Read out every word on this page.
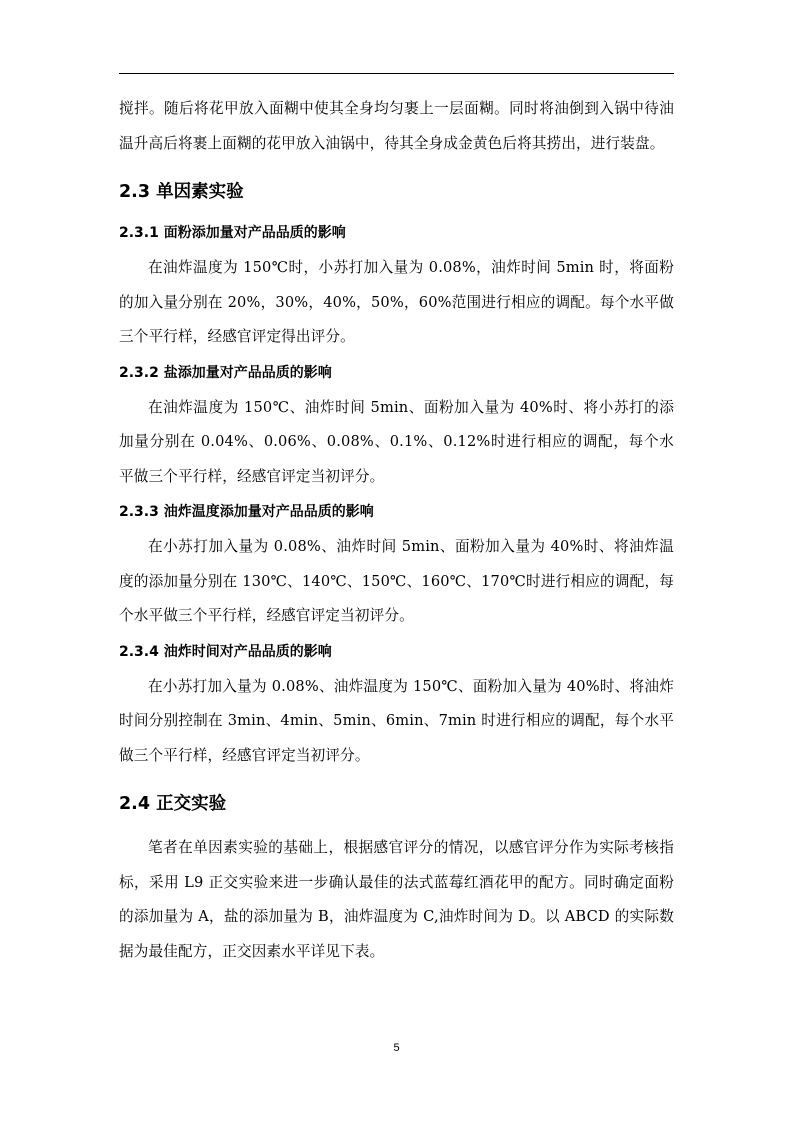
搅拌。随后将花甲放入面糊中使其全身均匀裹上一层面糊。同时将油倒到入锅中待油温升高后将裹上面糊的花甲放入油锅中，待其全身成金黄色后将其捞出，进行装盘。

2.3 单因素实验
2.3.1 面粉添加量对产品品质的影响

在油炸温度为 150℃时，小苏打加入量为 0.08%，油炸时间 5min 时，将面粉的加入量分别在 20%，30%，40%，50%，60%范围进行相应的调配。每个水平做三个平行样，经感官评定得出评分。

2.3.2 盐添加量对产品品质的影响

在油炸温度为 150℃、油炸时间 5min、面粉加入量为 40%时、将小苏打的添加量分别在 0.04%、0.06%、0.08%、0.1%、0.12%时进行相应的调配，每个水平做三个平行样，经感官评定当初评分。

2.3.3 油炸温度添加量对产品品质的影响

在小苏打加入量为 0.08%、油炸时间 5min、面粉加入量为 40%时、将油炸温度的添加量分别在 130℃、140℃、150℃、160℃、170℃时进行相应的调配，每个水平做三个平行样，经感官评定当初评分。

2.3.4 油炸时间对产品品质的影响

在小苏打加入量为 0.08%、油炸温度为 150℃、面粉加入量为 40%时、将油炸时间分别控制在 3min、4min、5min、6min、7min 时进行相应的调配，每个水平做三个平行样，经感官评定当初评分。

2.4 正交实验

笔者在单因素实验的基础上，根据感官评分的情况，以感官评分作为实际考核指标，采用 L9 正交实验来进一步确认最佳的法式蓝莓红酒花甲的配方。同时确定面粉的添加量为 A，盐的添加量为 B，油炸温度为 C,油炸时间为 D。以 ABCD 的实际数据为最佳配方，正交因素水平详见下表。

5
